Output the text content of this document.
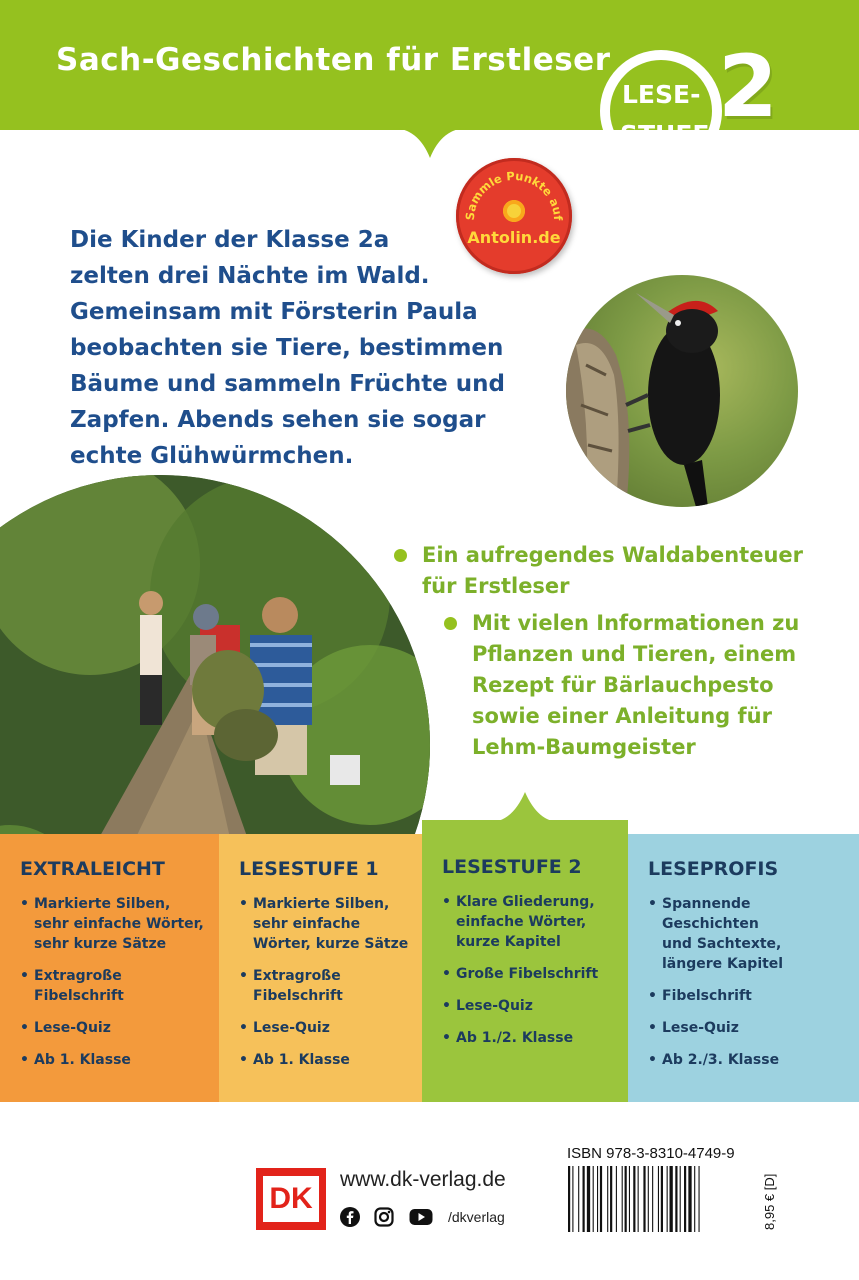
Sach-Geschichten für Erstleser
LESE-
STUFE 2
Sammle Punkte auf
Antolin.de
Die Kinder der Klasse 2a
zelten drei Nächte im Wald.
Gemeinsam mit Försterin Paula
beobachten sie Tiere, bestimmen
Bäume und sammeln Früchte und
Zapfen. Abends sehen sie sogar
echte Glühwürmchen.
Ein aufregendes Waldabenteuer
für Erstleser
Mit vielen Informationen zu
Pflanzen und Tieren, einem
Rezept für Bärlauchpesto
sowie einer Anleitung für
Lehm-Baumgeister
EXTRALEICHT
• Markierte Silben,
sehr einfache Wörter,
sehr kurze Sätze
• Extragroße
Fibelschrift
• Lese-Quiz
• Ab 1. Klasse
LESESTUFE 1
• Markierte Silben,
sehr einfache
Wörter, kurze Sätze
• Extragroße
Fibelschrift
• Lese-Quiz
• Ab 1. Klasse
LESESTUFE 2
• Klare Gliederung,
einfache Wörter,
kurze Kapitel
• Große Fibelschrift
• Lese-Quiz
• Ab 1./2. Klasse
LESEPROFIS
• Spannende
Geschichten
und Sachtexte,
längere Kapitel
• Fibelschrift
• Lese-Quiz
• Ab 2./3. Klasse
DK
www.dk-verlag.de
/dkverlag
ISBN 978-3-8310-4749-9
8,95 € [D]
